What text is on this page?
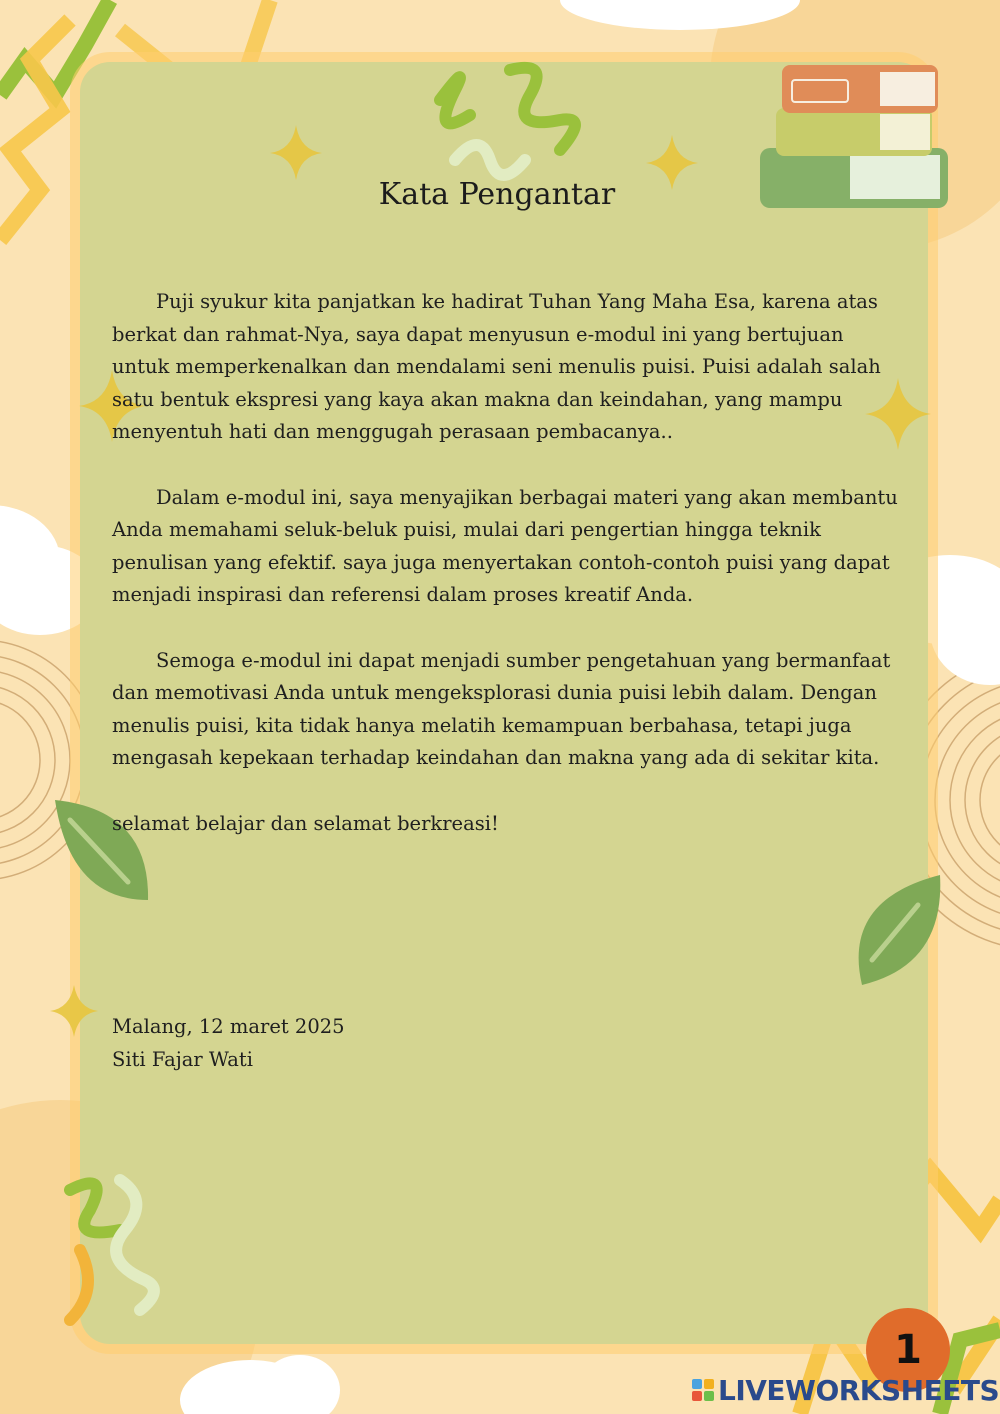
Kata Pengantar

Puji syukur kita panjatkan ke hadirat Tuhan Yang Maha Esa, karena atas berkat dan rahmat-Nya, saya dapat menyusun e-modul ini yang bertujuan untuk memperkenalkan dan mendalami seni menulis puisi. Puisi adalah salah satu bentuk ekspresi yang kaya akan makna dan keindahan, yang mampu menyentuh hati dan menggugah perasaan pembacanya..

Dalam e-modul ini, saya menyajikan berbagai materi yang akan membantu Anda memahami seluk-beluk puisi, mulai dari pengertian hingga teknik penulisan yang efektif. saya juga menyertakan contoh-contoh puisi yang dapat menjadi inspirasi dan referensi dalam proses kreatif Anda.

Semoga e-modul ini dapat menjadi sumber pengetahuan yang bermanfaat dan memotivasi Anda untuk mengeksplorasi dunia puisi lebih dalam. Dengan menulis puisi, kita tidak hanya melatih kemampuan berbahasa, tetapi juga mengasah kepekaan terhadap keindahan dan makna yang ada di sekitar kita.

selamat belajar dan selamat berkreasi!

Malang, 12 maret 2025
Siti Fajar Wati
1
LIVEWORKSHEETS
